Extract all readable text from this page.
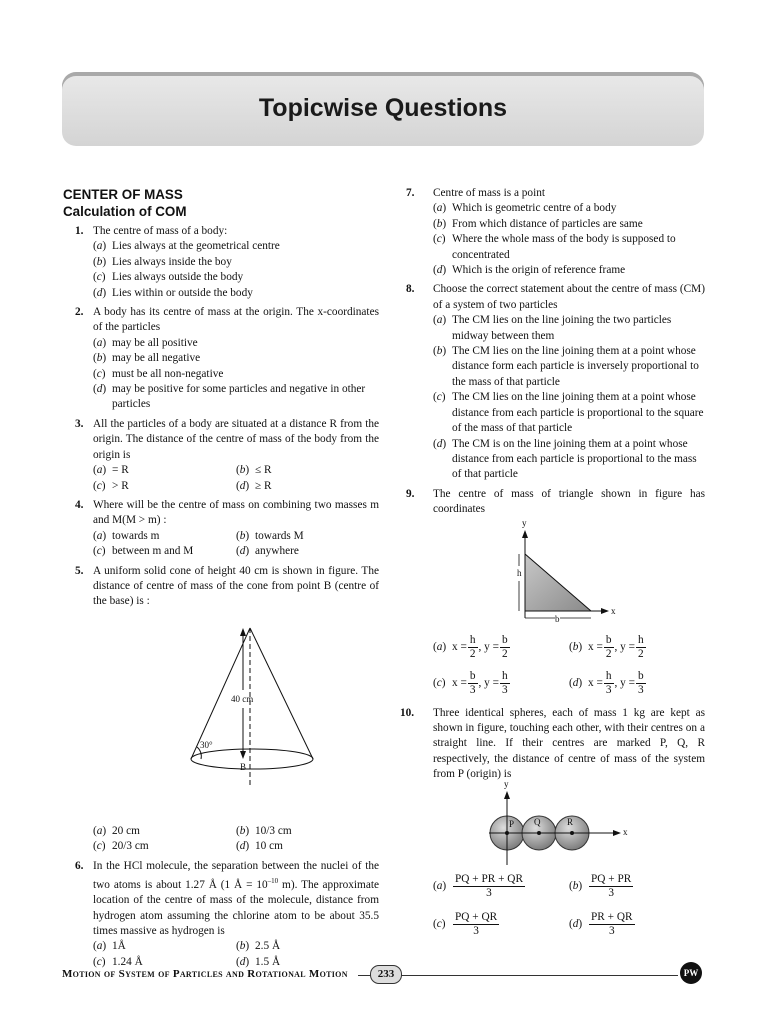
Topicwise Questions
CENTER OF MASS
Calculation of COM
1. The centre of mass of a body:
(a) Lies always at the geometrical centre
(b) Lies always inside the boy
(c) Lies always outside the body
(d) Lies within or outside the body
2. A body has its centre of mass at the origin. The x-coordinates of the particles
(a) may be all positive
(b) may be all negative
(c) must be all non-negative
(d) may be positive for some particles and negative in other particles
3. All the particles of a body are situated at a distance R from the origin. The distance of the centre of mass of the body from the origin is
(a) = R	(b) ≤ R
(c) > R	(d) ≥ R
4. Where will be the centre of mass on combining two masses m and M(M > m) :
(a) towards m	(b) towards M
(c) between m and M	(d) anywhere
5. A uniform solid cone of height 40 cm is shown in figure. The distance of centre of mass of the cone from point B (centre of the base) is :
40 cm
30°
B
(a) 20 cm	(b) 10/3 cm
(c) 20/3 cm	(d) 10 cm
6. In the HCl molecule, the separation between the nuclei of the two atoms is about 1.27 Å (1 Å = $10^{-10}$ m). The approximate location of the centre of mass of the molecule, distance from hydrogen atom assuming the chlorine atom to be about 35.5 times massive as hydrogen is
(a) 1Å	(b) 2.5 Å
(c) 1.24 Å	(d) 1.5 Å
7.	Centre of mass is a point
(a) Which is geometric centre of a body
(b) From which distance of particles are same
(c) Where the whole mass of the body is supposed to concentrated
(d) Which is the origin of reference frame
8. Choose the correct statement about the centre of mass (CM) of a system of two particles
(a) The CM lies on the line joining the two particles midway between them
(b) The CM lies on the line joining them at a point whose distance form each particle is inversely proportional to the mass of that particle
(c) The CM lies on the line joining them at a point whose distance from each particle is proportional to the square of the mass of that particle
(d) The CM is on the line joining them at a point whose distance from each particle is proportional to the mass of that particle
9. The centre of mass of triangle shown in figure has coordinates
y
x
h
b
(a) $x = \frac{h}{2}$ , $y = \frac{b}{2}$	(b) $x = \frac{b}{2}$ , $y = \frac{h}{2}$
(c) $x = \frac{b}{3}$ , $y = \frac{h}{3}$	(d) $x = \frac{h}{3}$ , $y = \frac{b}{3}$
10. Three identical spheres, each of mass 1 kg are kept as shown in figure, touching each other, with their centres on a straight line. If their centres are marked P, Q, R respectively, the distance of centre of mass of the system from P (origin) is
y
x
P Q	R
$(a) \frac{PQ + PR + QR}{3}$	$(b) \frac{PQ + PR}{3}$
$(c) \frac{PQ + QR}{3}$	$(d) \frac{PR + QR}{3}$
Motion of System of Particles and Rotational Motion	233	PW
